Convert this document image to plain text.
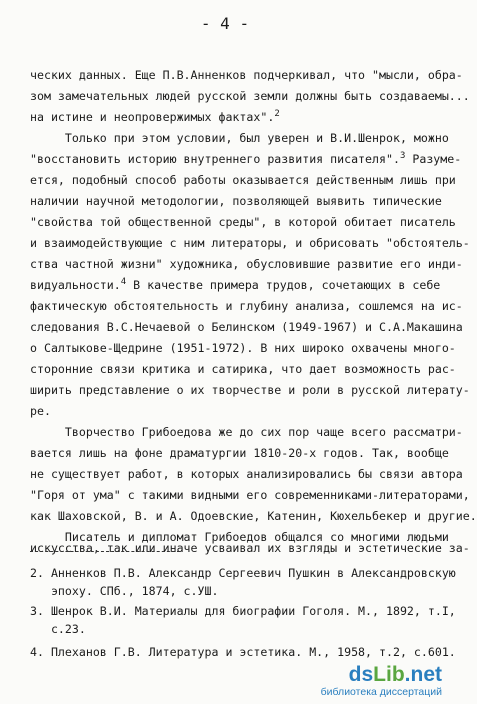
- 4 -
ческих данных. Еще П.В.Анненков подчеркивал, что "мысли, обра-
зом замечательных людей русской земли должны быть создаваемы...
на истине и неопровержимых фактах".$^2$
Только при этом условии, был уверен и В.И.Шенрок, можно
"восстановить историю внутреннего развития писателя".$^3$ Разуме-
ется, подобный способ работы оказывается действенным лишь при
наличии научной методологии, позволяющей выявить типические
"свойства той общественной среды", в которой обитает писатель
и взаимодействующие с ним литераторы, и обрисовать "обстоятель-
ства частной жизни" художника, обусловившие развитие его инди-
видуальности.$^4$ В качестве примера трудов, сочетающих в себе
фактическую обстоятельность и глубину анализа, сошлемся на ис-
следования В.С.Нечаевой о Белинском (1949-1967) и С.А.Макашина
о Салтыкове-Щедрине (1951-1972). В них широко охвачены много-
сторонние связи критика и сатирика, что дает возможность рас-
ширить представление о их творчестве и роли в русской литерату-
ре.
Творчество Грибоедова же до сих пор чаще всего рассматри-
вается лишь на фоне драматургии 1810-20-х годов. Так, вообще
не существует работ, в которых анализировались бы связи автора
"Горя от ума" с такими видными его современниками-литераторами,
как Шаховской, В. и А. Одоевские, Катенин, Кюхельбекер и другие.
Писатель и дипломат Грибоедов общался со многими людьми
искусства, так или иначе усваивал их взгляды и эстетические за-
2. Анненков П.В. Александр Сергеевич Пушкин в Александровскую
эпоху. СПб., 1874, с.УШ.
3. Шенрок В.И. Материалы для биографии Гоголя. М., 1892, т.I,
с.23.
4. Плеханов Г.В. Литература и эстетика. М., 1958, т.2, с.601.
dsLib.net
библиотека диссертаций
